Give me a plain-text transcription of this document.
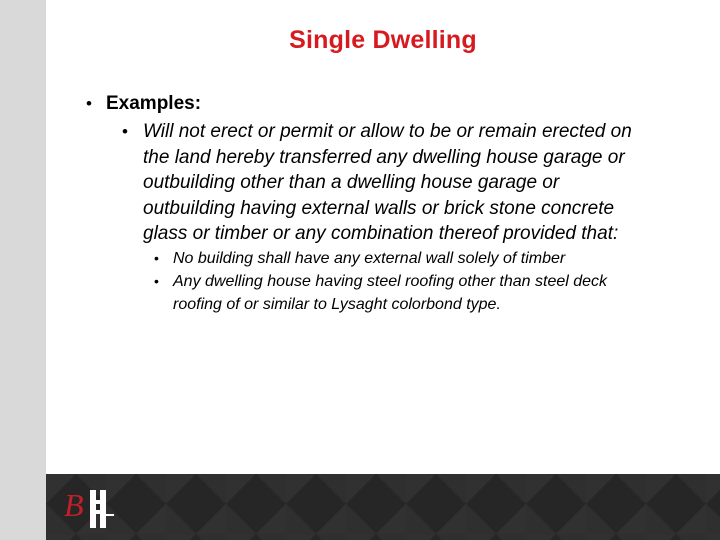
Single Dwelling
• Examples:
• Will not erect or permit or allow to be or remain erected on the land hereby transferred any dwelling house garage or outbuilding other than a dwelling house garage or outbuilding having external walls or brick stone concrete glass or timber or any combination thereof provided that:
• No building shall have any external wall solely of timber
• Any dwelling house having steel roofing other than steel deck roofing of or similar to Lysaght colorbond type.
B
